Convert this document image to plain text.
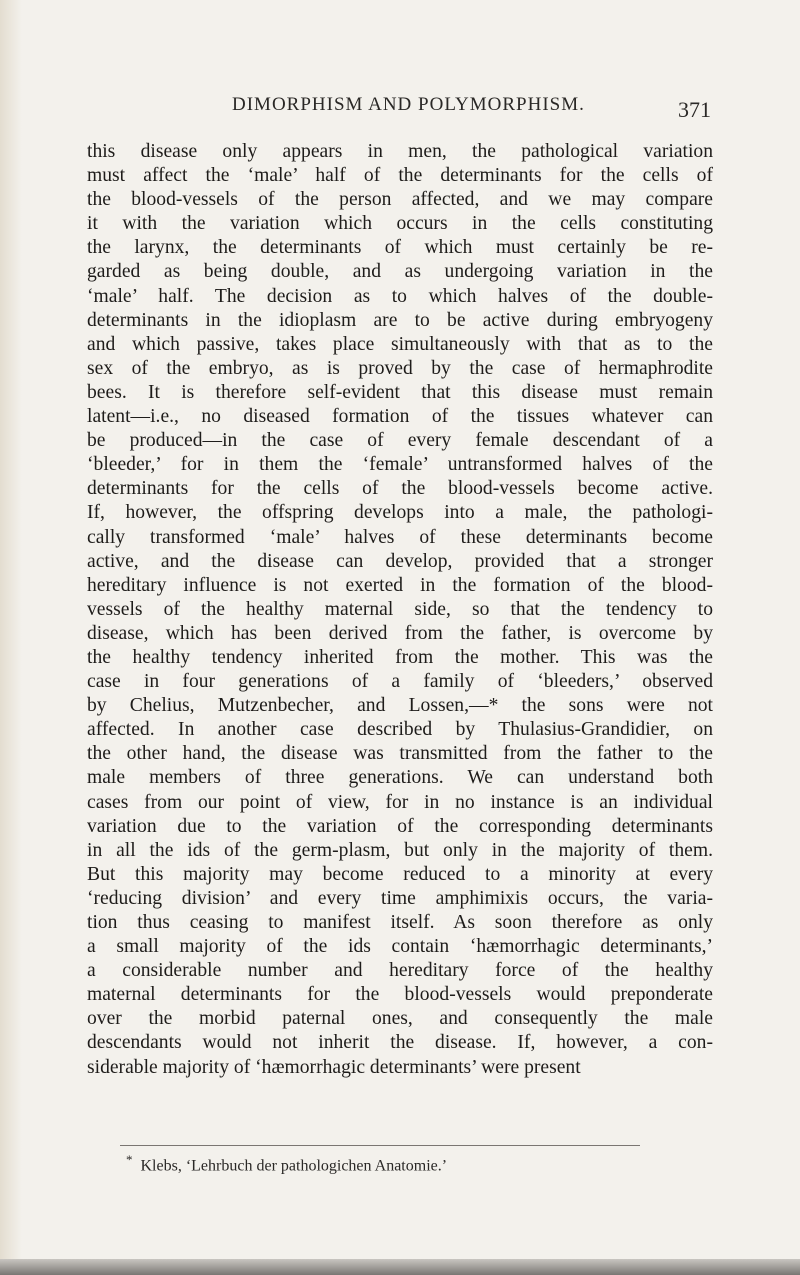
DIMORPHISM AND POLYMORPHISM.	371
this disease only appears in men, the pathological variation
must affect the ‘male’ half of the determinants for the cells of
the blood-vessels of the person affected, and we may compare
it with the variation which occurs in the cells constituting
the larynx, the determinants of which must certainly be re-
garded as being double, and as undergoing variation in the
‘male’ half. The decision as to which halves of the double-
determinants in the idioplasm are to be active during embryogeny
and which passive, takes place simultaneously with that as to the
sex of the embryo, as is proved by the case of hermaphrodite
bees. It is therefore self-evident that this disease must remain
latent—i.e., no diseased formation of the tissues whatever can
be produced—in the case of every female descendant of a
‘bleeder,’ for in them the ‘female’ untransformed halves of the
determinants for the cells of the blood-vessels become active.
If, however, the offspring develops into a male, the pathologi-
cally transformed ‘male’ halves of these determinants become
active, and the disease can develop, provided that a stronger
hereditary influence is not exerted in the formation of the blood-
vessels of the healthy maternal side, so that the tendency to
disease, which has been derived from the father, is overcome by
the healthy tendency inherited from the mother. This was the
case in four generations of a family of ‘bleeders,’ observed
by Chelius, Mutzenbecher, and Lossen,—* the sons were not
affected. In another case described by Thulasius-Grandidier, on
the other hand, the disease was transmitted from the father to the
male members of three generations. We can understand both
cases from our point of view, for in no instance is an individual
variation due to the variation of the corresponding determinants
in all the ids of the germ-plasm, but only in the majority of them.
But this majority may become reduced to a minority at every
‘reducing division’ and every time amphimixis occurs, the varia-
tion thus ceasing to manifest itself. As soon therefore as only
a small majority of the ids contain ‘hæmorrhagic determinants,’
a considerable number and hereditary force of the healthy
maternal determinants for the blood-vessels would preponderate
over the morbid paternal ones, and consequently the male
descendants would not inherit the disease. If, however, a con-
siderable majority of ‘hæmorrhagic determinants’ were present
* Klebs, ‘Lehrbuch der pathologichen Anatomie.’
